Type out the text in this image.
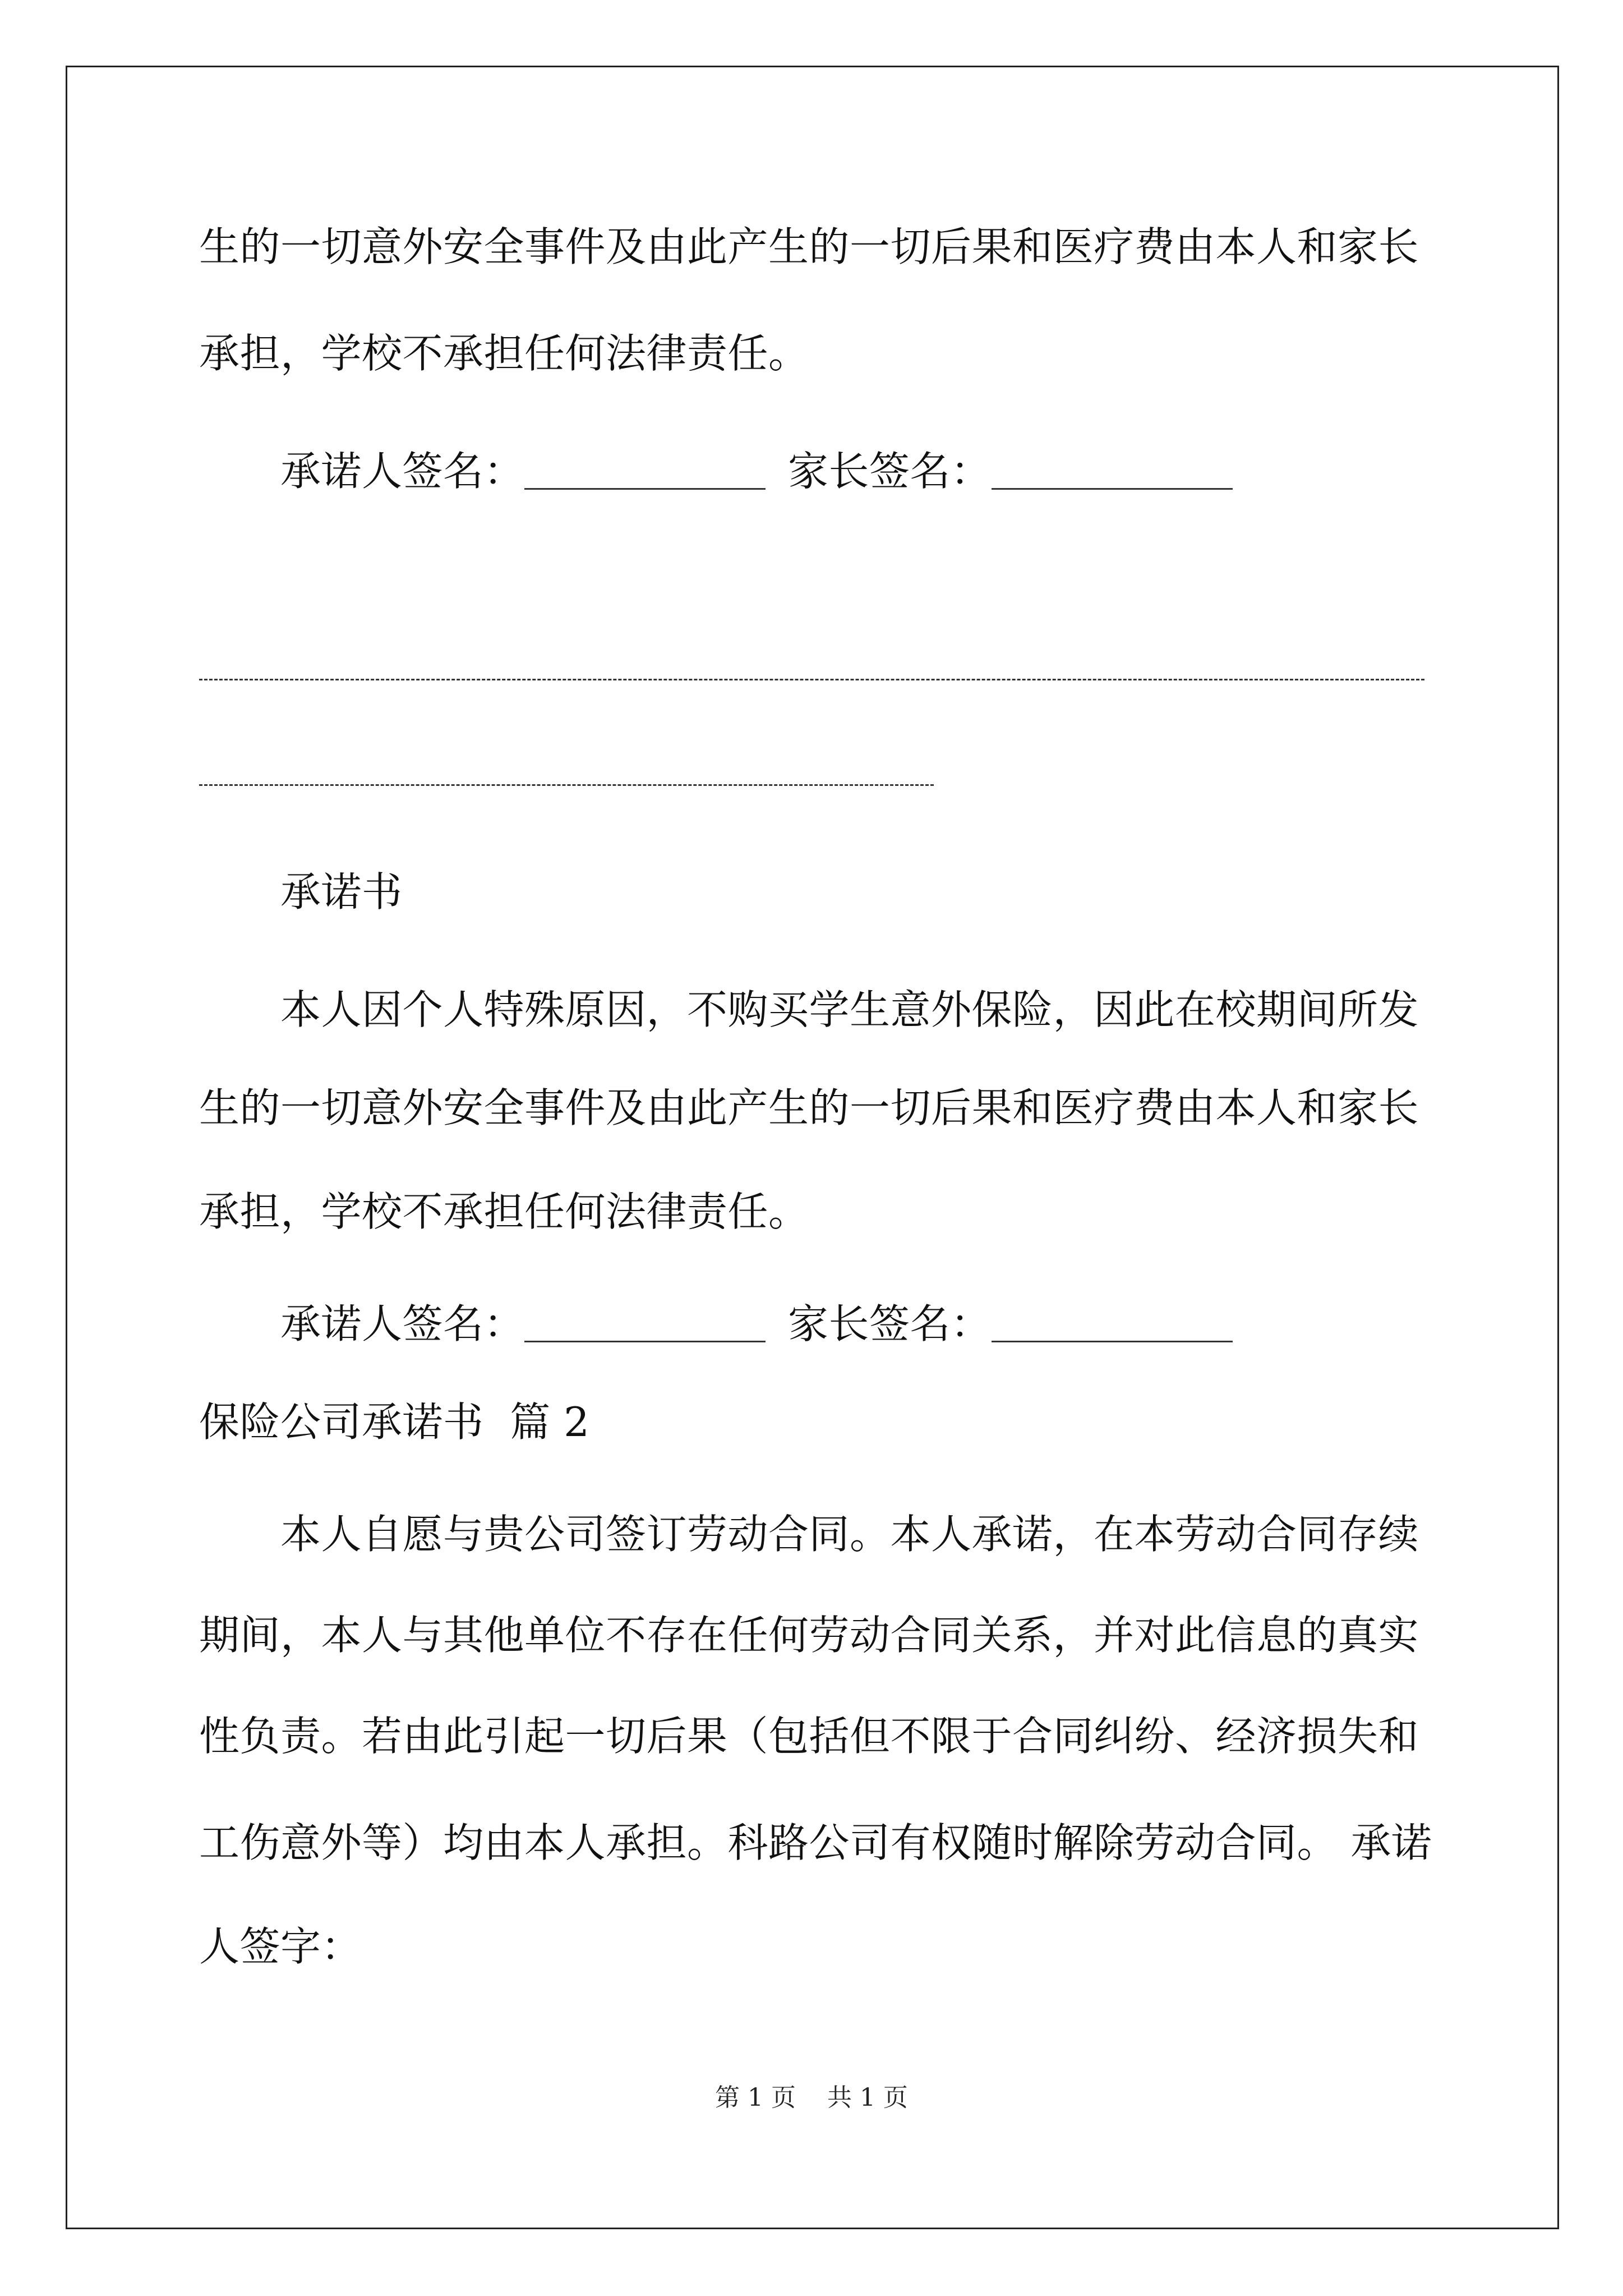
生的一切意外安全事件及由此产生的一切后果和医疗费由本人和家长
承担，学校不承担任何法律责任。
承诺人签名：	家长签名：
承诺书
本人因个人特殊原因，不购买学生意外保险，因此在校期间所发
生的一切意外安全事件及由此产生的一切后果和医疗费由本人和家长
承担，学校不承担任何法律责任。
承诺人签名：	家长签名：
保险公司承诺书  篇 2
本人自愿与贵公司签订劳动合同。本人承诺，在本劳动合同存续
期间，本人与其他单位不存在任何劳动合同关系，并对此信息的真实
性负责。若由此引起一切后果（包括但不限于合同纠纷、经济损失和
工伤意外等）均由本人承担。科路公司有权随时解除劳动合同。 承诺
人签字：
第 1 页    共 1 页
